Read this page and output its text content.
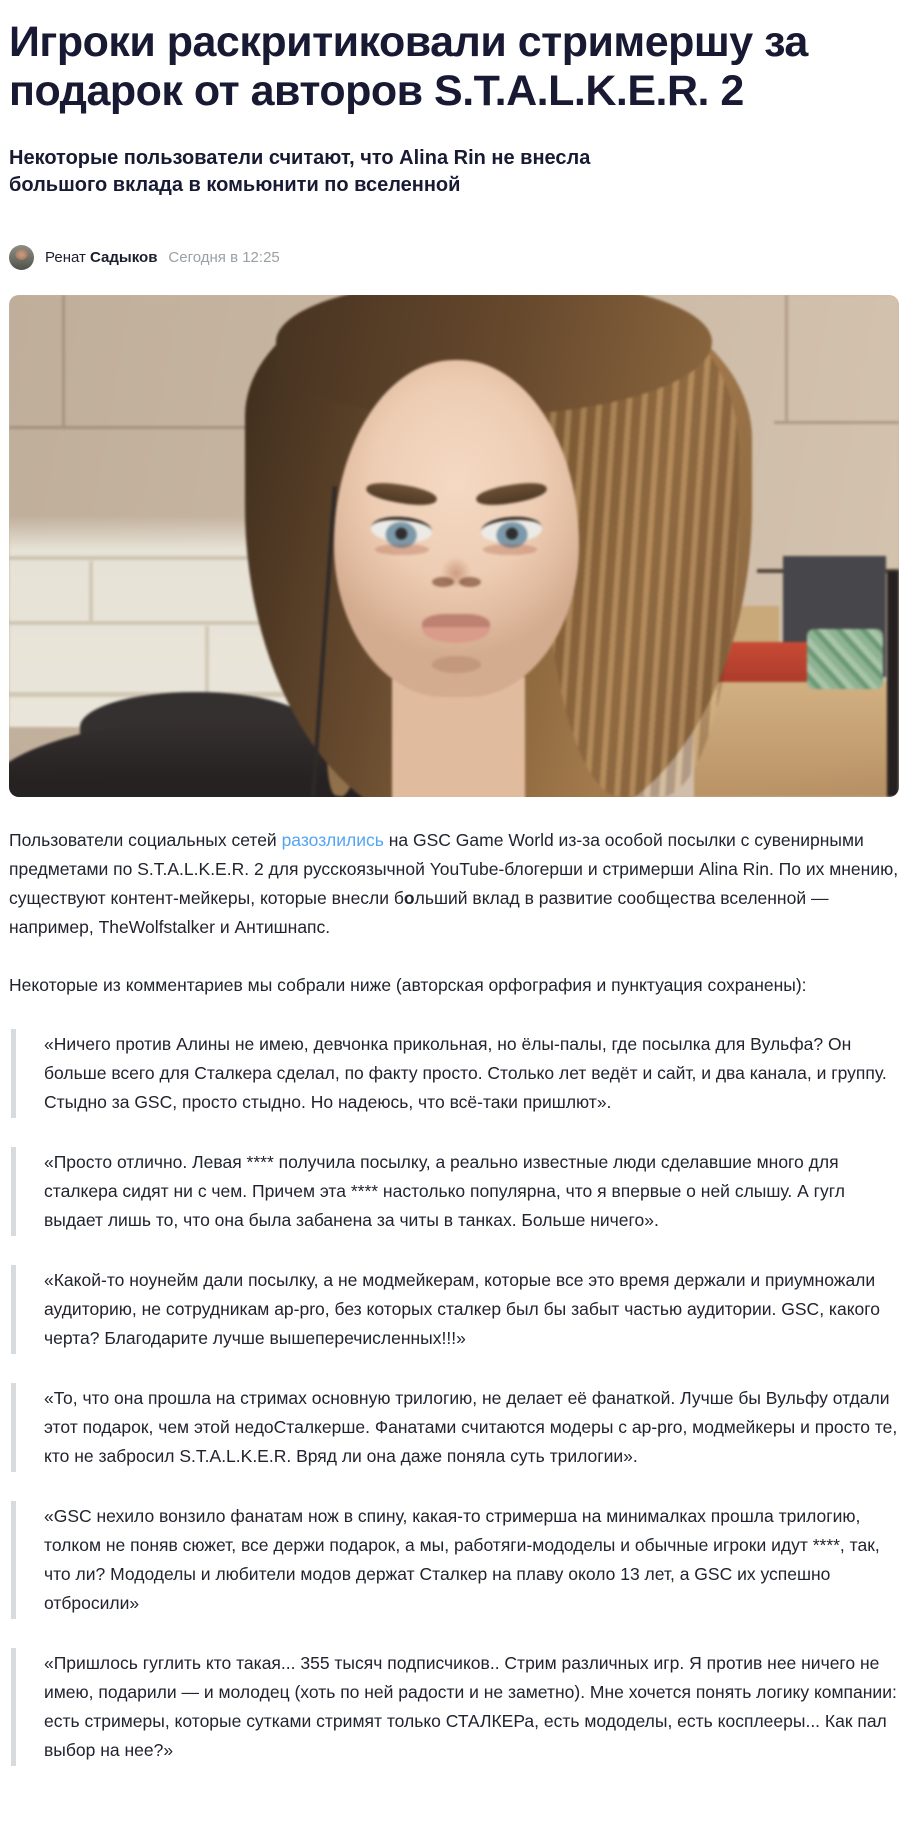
Игроки раскритиковали стримершу за подарок от авторов S.T.A.L.K.E.R. 2
Некоторые пользователи считают, что Alina Rin не внесла большого вклада в комьюнити по вселенной
Ренат Садыков Сегодня в 12:25

Пользователи социальных сетей разозлились на GSC Game World из-за особой посылки с сувенирными предметами по S.T.A.L.K.E.R. 2 для русскоязычной YouTube-блогерши и стримерши Alina Rin. По их мнению, существуют контент-мейкеры, которые внесли больший вклад в развитие сообщества вселенной — например, TheWolfstalker и Антишнапс.

Некоторые из комментариев мы собрали ниже (авторская орфография и пунктуация сохранены):

«Ничего против Алины не имею, девчонка прикольная, но ёлы-палы, где посылка для Вульфа? Он больше всего для Сталкера сделал, по факту просто. Столько лет ведёт и сайт, и два канала, и группу. Стыдно за GSC, просто стыдно. Но надеюсь, что всё-таки пришлют».

«Просто отлично. Левая **** получила посылку, а реально известные люди сделавшие много для сталкера сидят ни с чем. Причем эта **** настолько популярна, что я впервые о ней слышу. А гугл выдает лишь то, что она была забанена за читы в танках. Больше ничего».

«Какой-то ноунейм дали посылку, а не модмейкерам, которые все это время держали и приумножали аудиторию, не сотрудникам ap-pro, без которых сталкер был бы забыт частью аудитории. GSC, какого черта? Благодарите лучше вышеперечисленных!!!»

«То, что она прошла на стримах основную трилогию, не делает её фанаткой. Лучше бы Вульфу отдали этот подарок, чем этой недоСталкерше. Фанатами считаются модеры с ap-pro, модмейкеры и просто те, кто не забросил S.T.A.L.K.E.R. Вряд ли она даже поняла суть трилогии».

«GSC нехило вонзило фанатам нож в спину, какая-то стримерша на минималках прошла трилогию, толком не поняв сюжет, все держи подарок, а мы, работяги-мододелы и обычные игроки идут ****, так, что ли? Мододелы и любители модов держат Сталкер на плаву около 13 лет, а GSC их успешно отбросили»

«Пришлось гуглить кто такая... 355 тысяч подписчиков.. Стрим различных игр. Я против нее ничего не имею, подарили — и молодец (хоть по ней радости и не заметно). Мне хочется понять логику компании: есть стримеры, которые сутками стримят только СТАЛКЕРа, есть мододелы, есть косплееры... Как пал выбор на нее?»
